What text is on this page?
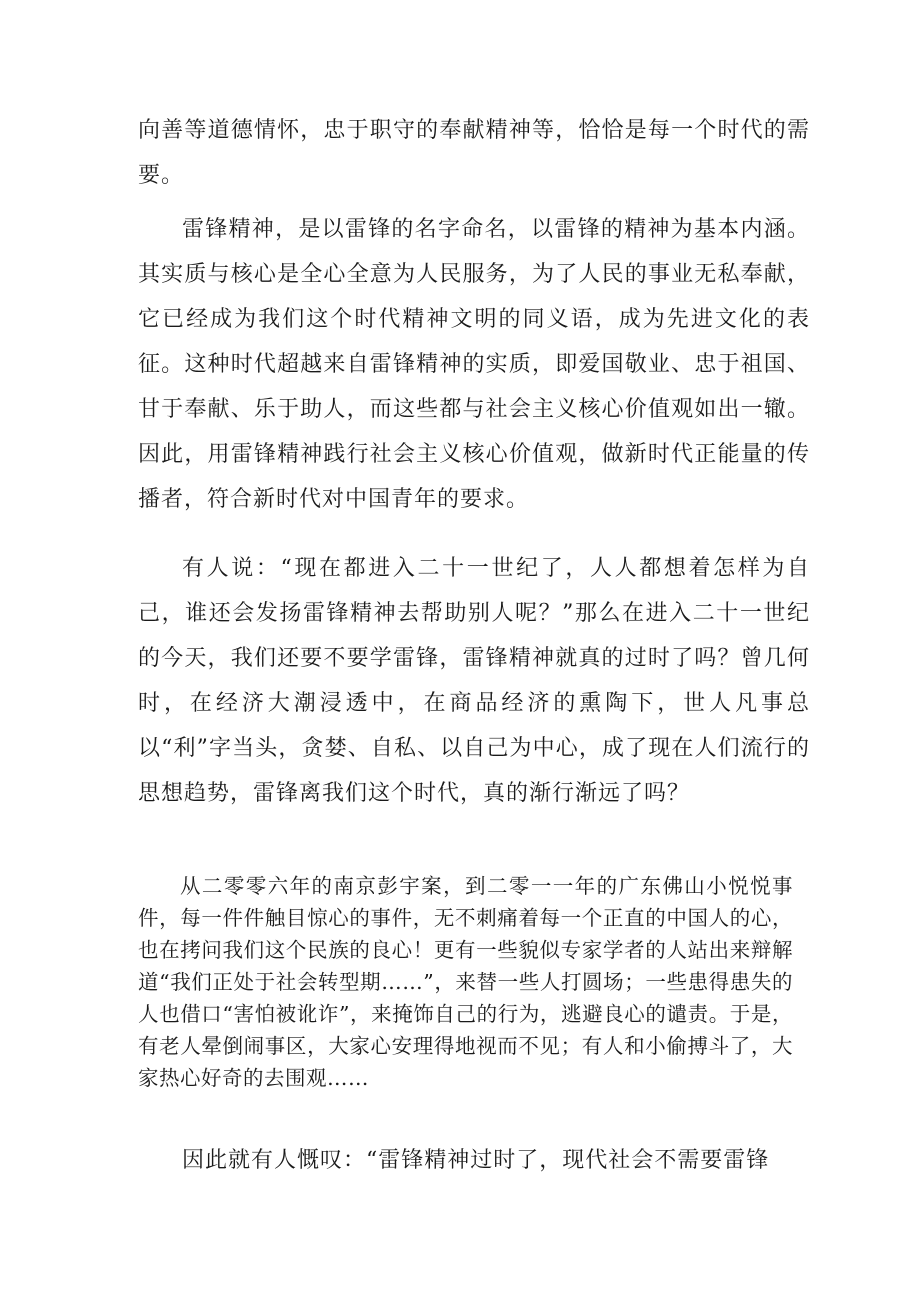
向善等道德情怀，忠于职守的奉献精神等，恰恰是每一个时代的需要。

雷锋精神，是以雷锋的名字命名，以雷锋的精神为基本内涵。其实质与核心是全心全意为人民服务，为了人民的事业无私奉献，它已经成为我们这个时代精神文明的同义语，成为先进文化的表征。这种时代超越来自雷锋精神的实质，即爱国敬业、忠于祖国、甘于奉献、乐于助人，而这些都与社会主义核心价值观如出一辙。因此，用雷锋精神践行社会主义核心价值观，做新时代正能量的传播者，符合新时代对中国青年的要求。

有人说：“现在都进入二十一世纪了，人人都想着怎样为自己，谁还会发扬雷锋精神去帮助别人呢？”那么在进入二十一世纪的今天，我们还要不要学雷锋，雷锋精神就真的过时了吗？曾几何时，在经济大潮浸透中，在商品经济的熏陶下，世人凡事总以“利”字当头，贪婪、自私、以自己为中心，成了现在人们流行的思想趋势，雷锋离我们这个时代，真的渐行渐远了吗？

从二零零六年的南京彭宇案，到二零一一年的广东佛山小悦悦事件，每一件件触目惊心的事件，无不刺痛着每一个正直的中国人的心，也在拷问我们这个民族的良心！更有一些貌似专家学者的人站出来辩解道“我们正处于社会转型期……”，来替一些人打圆场；一些患得患失的人也借口“害怕被讹诈”，来掩饰自己的行为，逃避良心的谴责。于是，有老人晕倒闹事区，大家心安理得地视而不见；有人和小偷搏斗了，大家热心好奇的去围观……

因此就有人慨叹：“雷锋精神过时了，现代社会不需要雷锋
